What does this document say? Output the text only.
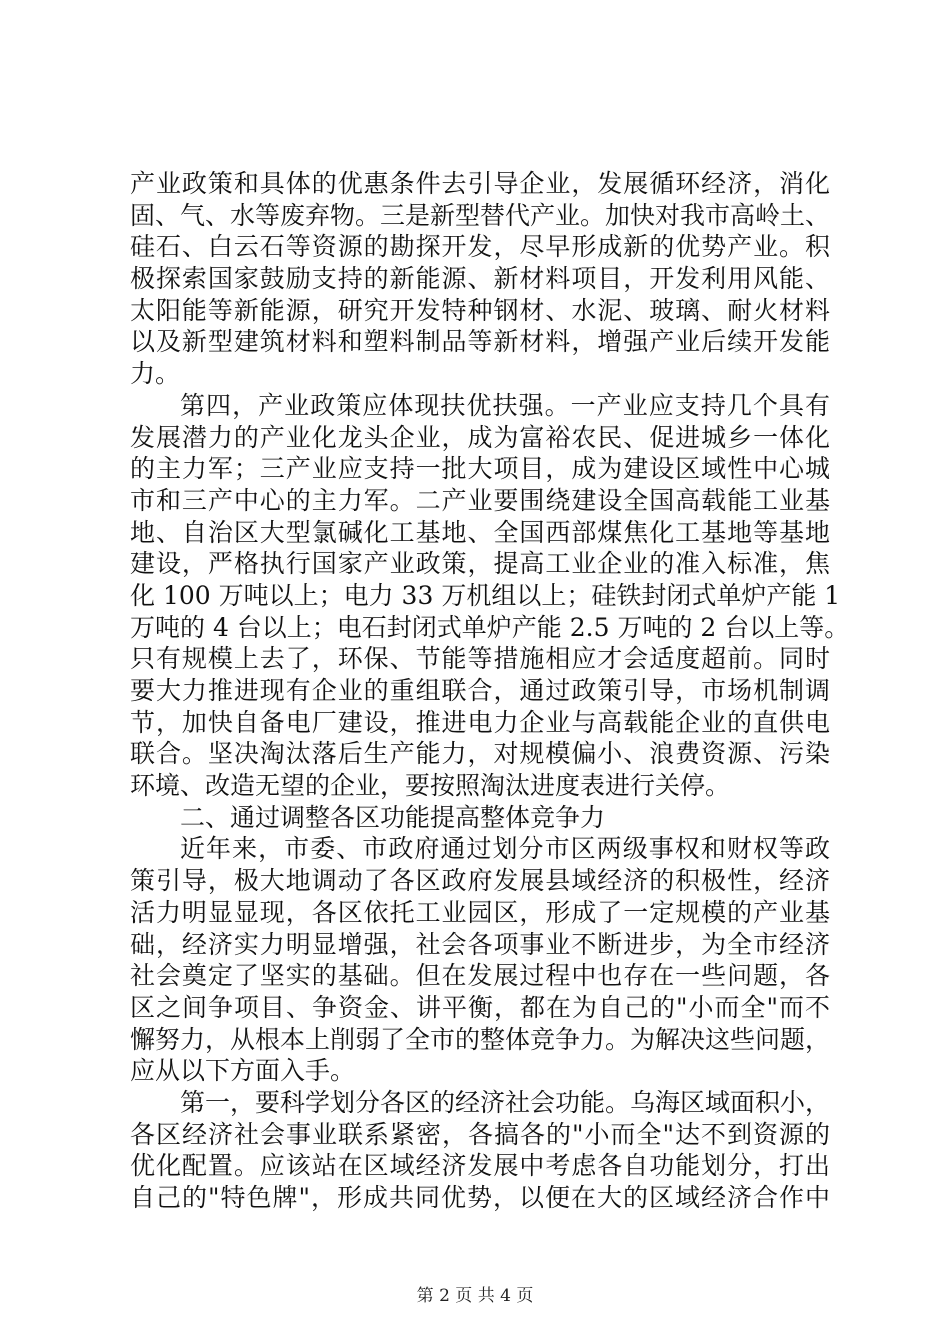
产业政策和具体的优惠条件去引导企业，发展循环经济，消化
固、气、水等废弃物。三是新型替代产业。加快对我市高岭土、
硅石、白云石等资源的勘探开发，尽早形成新的优势产业。积
极探索国家鼓励支持的新能源、新材料项目，开发利用风能、
太阳能等新能源，研究开发特种钢材、水泥、玻璃、耐火材料
以及新型建筑材料和塑料制品等新材料，增强产业后续开发能
力。
第四，产业政策应体现扶优扶强。一产业应支持几个具有
发展潜力的产业化龙头企业，成为富裕农民、促进城乡一体化
的主力军；三产业应支持一批大项目，成为建设区域性中心城
市和三产中心的主力军。二产业要围绕建设全国高载能工业基
地、自治区大型氯碱化工基地、全国西部煤焦化工基地等基地
建设，严格执行国家产业政策，提高工业企业的准入标准，焦
化 100 万吨以上；电力 33 万机组以上；硅铁封闭式单炉产能 1
万吨的 4 台以上；电石封闭式单炉产能 2.5 万吨的 2 台以上等。
只有规模上去了，环保、节能等措施相应才会适度超前。同时
要大力推进现有企业的重组联合，通过政策引导，市场机制调
节，加快自备电厂建设，推进电力企业与高载能企业的直供电
联合。坚决淘汰落后生产能力，对规模偏小、浪费资源、污染
环境、改造无望的企业，要按照淘汰进度表进行关停。
二、通过调整各区功能提高整体竞争力
近年来，市委、市政府通过划分市区两级事权和财权等政
策引导，极大地调动了各区政府发展县域经济的积极性，经济
活力明显显现，各区依托工业园区，形成了一定规模的产业基
础，经济实力明显增强，社会各项事业不断进步，为全市经济
社会奠定了坚实的基础。但在发展过程中也存在一些问题，各
区之间争项目、争资金、讲平衡，都在为自己的"小而全"而不
懈努力，从根本上削弱了全市的整体竞争力。为解决这些问题，
应从以下方面入手。
第一，要科学划分各区的经济社会功能。乌海区域面积小，
各区经济社会事业联系紧密，各搞各的"小而全"达不到资源的
优化配置。应该站在区域经济发展中考虑各自功能划分，打出
自己的"特色牌"，形成共同优势，以便在大的区域经济合作中
第 2 页 共 4 页
